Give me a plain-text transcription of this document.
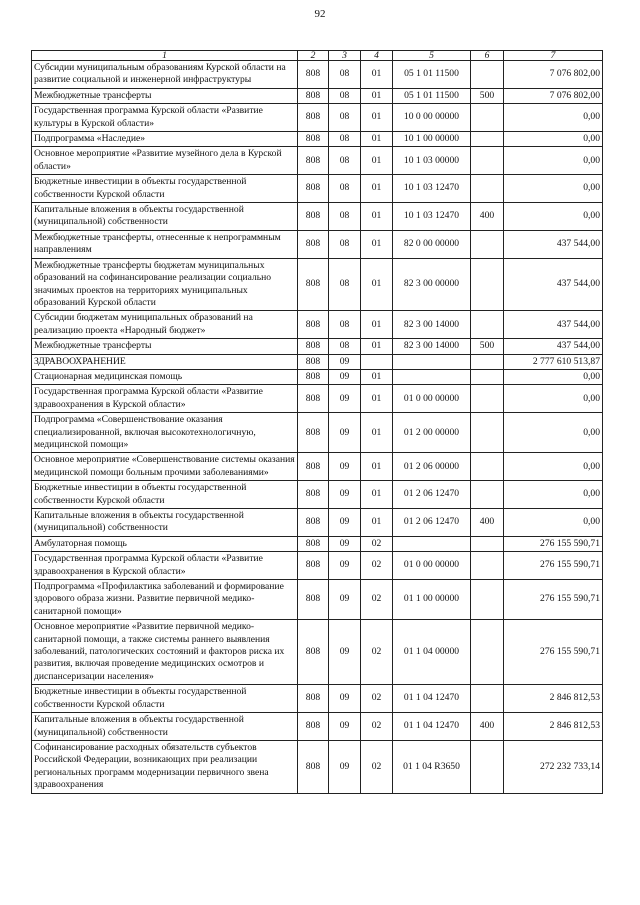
92
1	2	3	4	5	6	7
Субсидии муниципальным образованиям Курской области на развитие социальной и инженерной инфраструктуры	808	08	01	05 1 01 11500		7 076 802,00
Межбюджетные трансферты	808	08	01	05 1 01 11500	500	7 076 802,00
Государственная программа Курской области «Развитие культуры в Курской области»	808	08	01	10 0 00 00000		0,00
Подпрограмма «Наследие»	808	08	01	10 1 00 00000		0,00
Основное мероприятие «Развитие музейного дела в Курской области»	808	08	01	10 1 03 00000		0,00
Бюджетные инвестиции в объекты государственной собственности Курской области	808	08	01	10 1 03 12470		0,00
Капитальные вложения в объекты государственной (муниципальной) собственности	808	08	01	10 1 03 12470	400	0,00
Межбюджетные трансферты, отнесенные к непрограммным направлениям	808	08	01	82 0 00 00000		437 544,00
Межбюджетные трансферты бюджетам муниципальных образований на софинансирование реализации социально значимых проектов на территориях муниципальных образований Курской области	808	08	01	82 3 00 00000		437 544,00
Субсидии бюджетам муниципальных образований на реализацию проекта «Народный бюджет»	808	08	01	82 3 00 14000		437 544,00
Межбюджетные трансферты	808	08	01	82 3 00 14000	500	437 544,00
ЗДРАВООХРАНЕНИЕ	808	09				2 777 610 513,87
Стационарная медицинская помощь	808	09	01			0,00
Государственная программа Курской области «Развитие здравоохранения в Курской области»	808	09	01	01 0 00 00000		0,00
Подпрограмма «Совершенствование оказания специализированной, включая высокотехнологичную, медицинской помощи»	808	09	01	01 2 00 00000		0,00
Основное мероприятие «Совершенствование системы оказания медицинской помощи больным прочими заболеваниями»	808	09	01	01 2 06 00000		0,00
Бюджетные инвестиции в объекты государственной собственности Курской области	808	09	01	01 2 06 12470		0,00
Капитальные вложения в объекты государственной (муниципальной) собственности	808	09	01	01 2 06 12470	400	0,00
Амбулаторная помощь	808	09	02			276 155 590,71
Государственная программа Курской области «Развитие здравоохранения в Курской области»	808	09	02	01 0 00 00000		276 155 590,71
Подпрограмма «Профилактика заболеваний и формирование здорового образа жизни. Развитие первичной медико-санитарной помощи»	808	09	02	01 1 00 00000		276 155 590,71
Основное мероприятие «Развитие первичной медико-санитарной помощи, а также системы раннего выявления заболеваний, патологических состояний и факторов риска их развития, включая проведение медицинских осмотров и диспансеризации населения»	808	09	02	01 1 04 00000		276 155 590,71
Бюджетные инвестиции в объекты государственной собственности Курской области	808	09	02	01 1 04 12470		2 846 812,53
Капитальные вложения в объекты государственной (муниципальной) собственности	808	09	02	01 1 04 12470	400	2 846 812,53
Софинансирование расходных обязательств субъектов Российской Федерации, возникающих при реализации региональных программ модернизации первичного звена здравоохранения	808	09	02	01 1 04 R3650		272 232 733,14
